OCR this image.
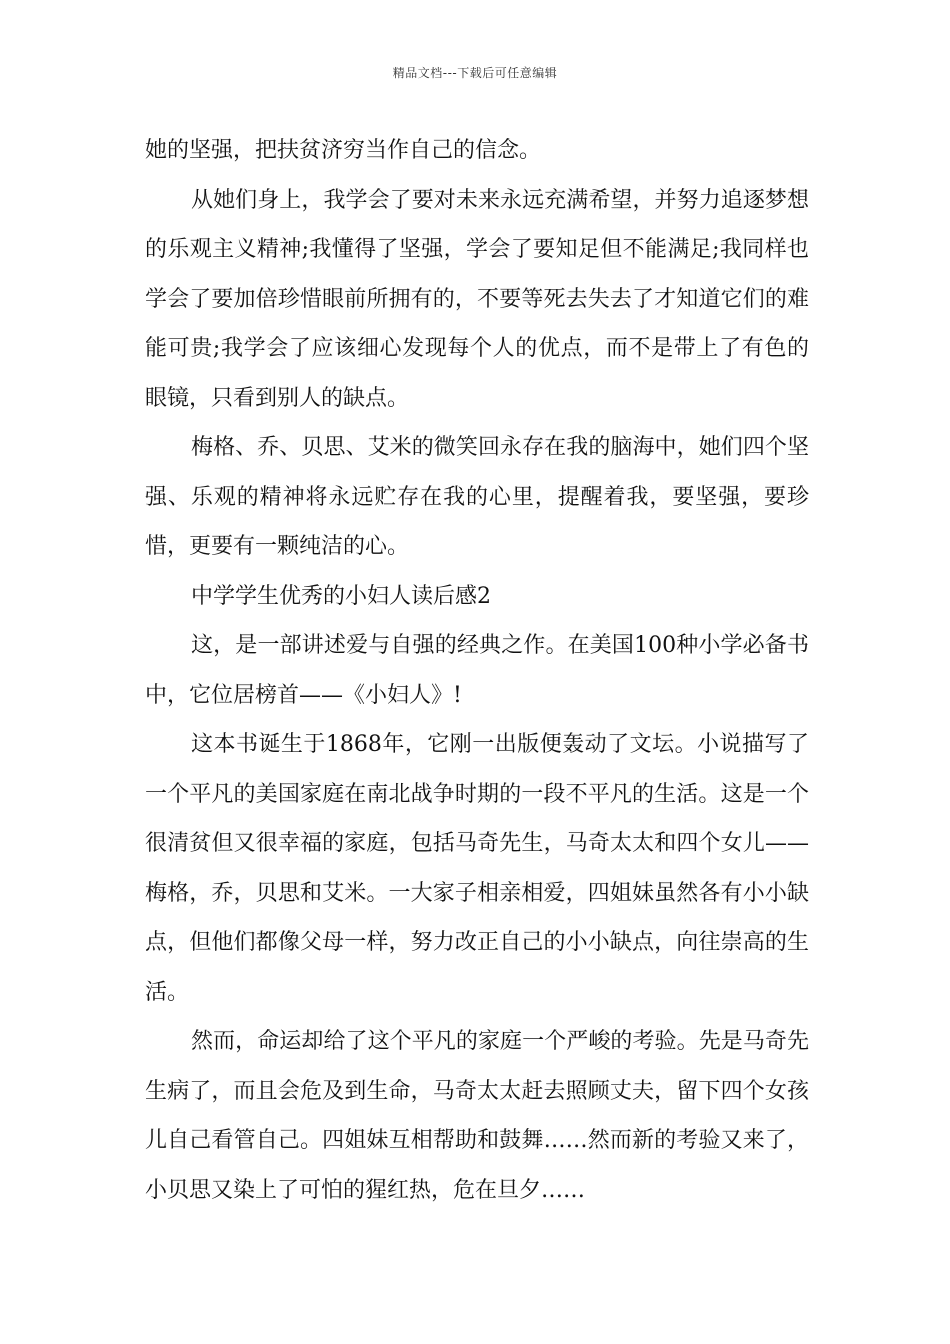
精品文档---下载后可任意编辑

她的坚强，把扶贫济穷当作自己的信念。

从她们身上，我学会了要对未来永远充满希望，并努力追逐梦想的乐观主义精神;我懂得了坚强，学会了要知足但不能满足;我同样也学会了要加倍珍惜眼前所拥有的，不要等死去失去了才知道它们的难能可贵;我学会了应该细心发现每个人的优点，而不是带上了有色的眼镜，只看到别人的缺点。

梅格、乔、贝思、艾米的微笑回永存在我的脑海中，她们四个坚强、乐观的精神将永远贮存在我的心里，提醒着我，要坚强，要珍惜，更要有一颗纯洁的心。

中学学生优秀的小妇人读后感2

这，是一部讲述爱与自强的经典之作。在美国100种小学必备书中，它位居榜首——《小妇人》!

这本书诞生于1868年，它刚一出版便轰动了文坛。小说描写了一个平凡的美国家庭在南北战争时期的一段不平凡的生活。这是一个很清贫但又很幸福的家庭，包括马奇先生，马奇太太和四个女儿——梅格，乔，贝思和艾米。一大家子相亲相爱，四姐妹虽然各有小小缺点，但他们都像父母一样，努力改正自己的小小缺点，向往崇高的生活。

然而，命运却给了这个平凡的家庭一个严峻的考验。先是马奇先生病了，而且会危及到生命，马奇太太赶去照顾丈夫，留下四个女孩儿自己看管自己。四姐妹互相帮助和鼓舞……然而新的考验又来了，小贝思又染上了可怕的猩红热，危在旦夕……
